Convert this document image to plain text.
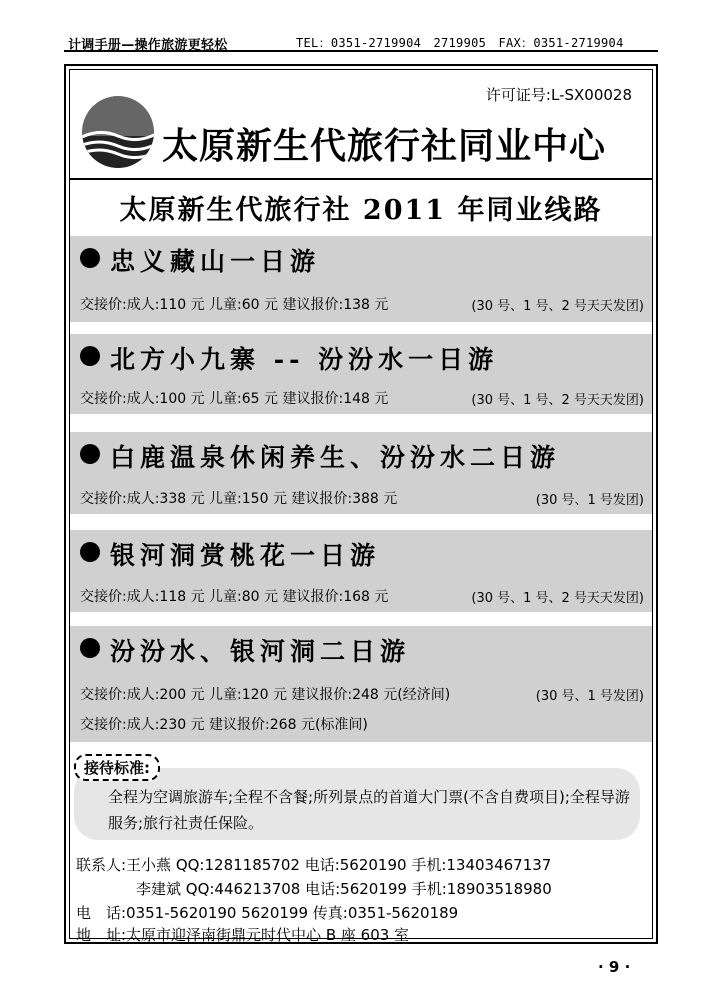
计调手册—操作旅游更轻松	TEL：0351-2719904　2719905　FAX：0351-2719904
许可证号:L-SX00028
太原新生代旅行社同业中心
太原新生代旅行社 2011 年同业线路
忠义藏山一日游
交接价:成人:110 元 儿童:60 元 建议报价:138 元	(30 号、1 号、2 号天天发团)
北方小九寨 -- 汾汾水一日游
交接价:成人:100 元 儿童:65 元 建议报价:148 元	(30 号、1 号、2 号天天发团)
白鹿温泉休闲养生、汾汾水二日游
交接价:成人:338 元 儿童:150 元 建议报价:388 元	(30 号、1 号发团)
银河洞赏桃花一日游
交接价:成人:118 元 儿童:80 元 建议报价:168 元	(30 号、1 号、2 号天天发团)
汾汾水、银河洞二日游
交接价:成人:200 元 儿童:120 元 建议报价:248 元(经济间)	(30 号、1 号发团)
交接价:成人:230 元 建议报价:268 元(标准间)
接待标准:
全程为空调旅游车;全程不含餐;所列景点的首道大门票(不含自费项目);全程导游服务;旅行社责任保险。
联系人:王小燕 QQ:1281185702 电话:5620190 手机:13403467137
　　　　李建斌 QQ:446213708 电话:5620199 手机:18903518980
电　话:0351-5620190 5620199 传真:0351-5620189
地　址:太原市迎泽南街鼎元时代中心 B 座 603 室
· 9 ·
